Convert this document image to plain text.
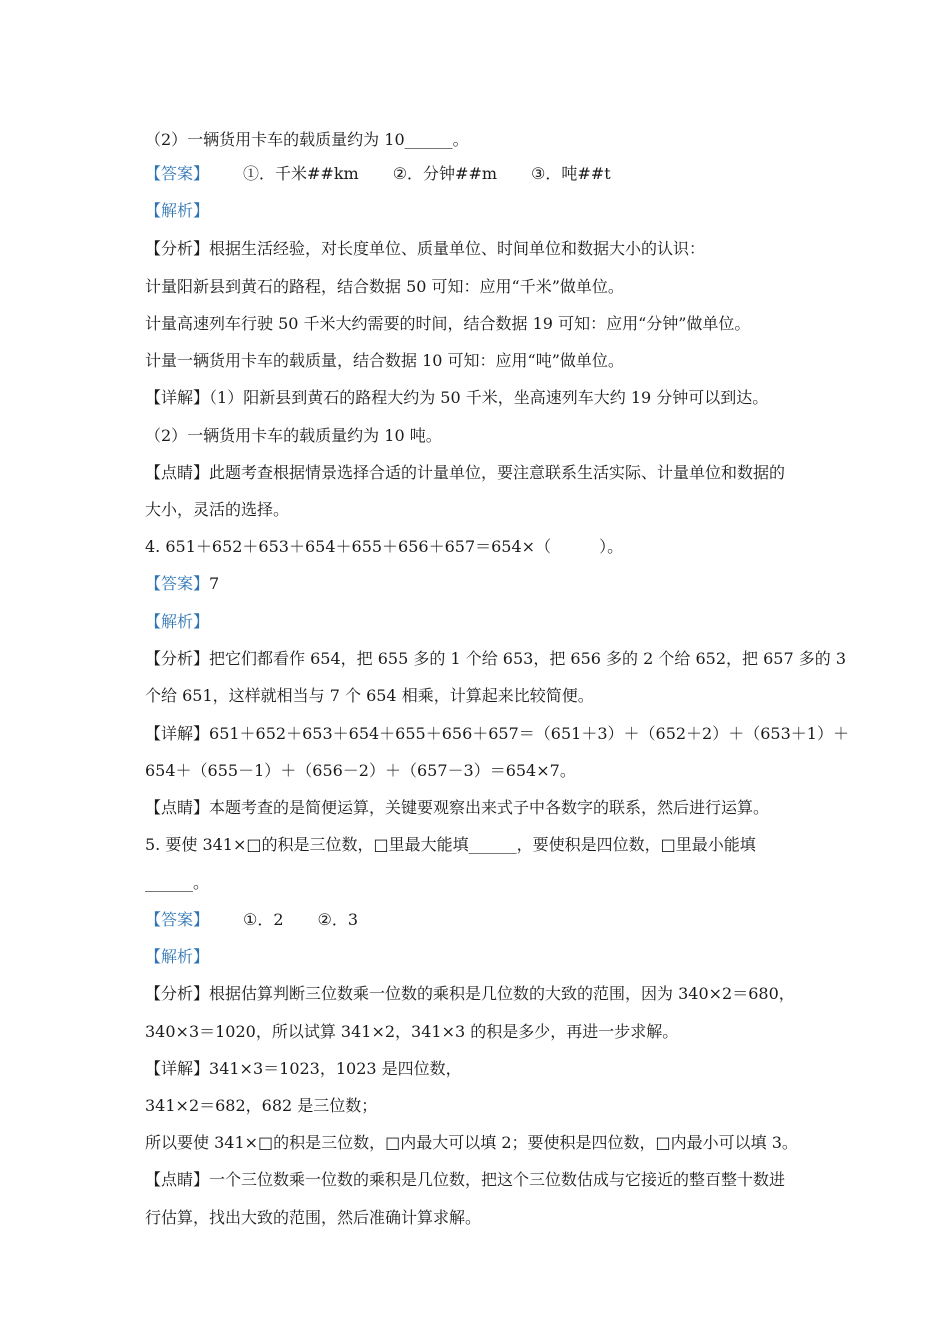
（2）一辆货用卡车的载质量约为 10______。
【答案】 ①．千米##km ②．分钟##m ③．吨##t
【解析】
【分析】根据生活经验，对长度单位、质量单位、时间单位和数据大小的认识：
计量阳新县到黄石的路程，结合数据 50 可知：应用“千米”做单位。
计量高速列车行驶 50 千米大约需要的时间，结合数据 19 可知：应用“分钟”做单位。
计量一辆货用卡车的载质量，结合数据 10 可知：应用“吨”做单位。
【详解】（1）阳新县到黄石的路程大约为 50 千米，坐高速列车大约 19 分钟可以到达。
（2）一辆货用卡车的载质量约为 10 吨。
【点睛】此题考查根据情景选择合适的计量单位，要注意联系生活实际、计量单位和数据的
大小，灵活的选择。
4. 651＋652＋653＋654＋655＋656＋657＝654×（　　　）。
【答案】7
【解析】
【分析】把它们都看作 654，把 655 多的 1 个给 653，把 656 多的 2 个给 652，把 657 多的 3
个给 651，这样就相当与 7 个 654 相乘，计算起来比较简便。
【详解】651＋652＋653＋654＋655＋656＋657＝（651＋3）＋（652＋2）＋（653＋1）＋
654＋（655－1）＋（656－2）＋（657－3）＝654×7。
【点睛】本题考查的是简便运算，关键要观察出来式子中各数字的联系，然后进行运算。
5. 要使 341×□的积是三位数，□里最大能填______，要使积是四位数，□里最小能填
______。
【答案】 ①．2 ②．3
【解析】
【分析】根据估算判断三位数乘一位数的乘积是几位数的大致的范围，因为 340×2＝680，
340×3＝1020，所以试算 341×2，341×3 的积是多少，再进一步求解。
【详解】341×3＝1023，1023 是四位数，
341×2＝682，682 是三位数；
所以要使 341×□的积是三位数，□内最大可以填 2；要使积是四位数，□内最小可以填 3。
【点睛】一个三位数乘一位数的乘积是几位数，把这个三位数估成与它接近的整百整十数进
行估算，找出大致的范围，然后准确计算求解。
